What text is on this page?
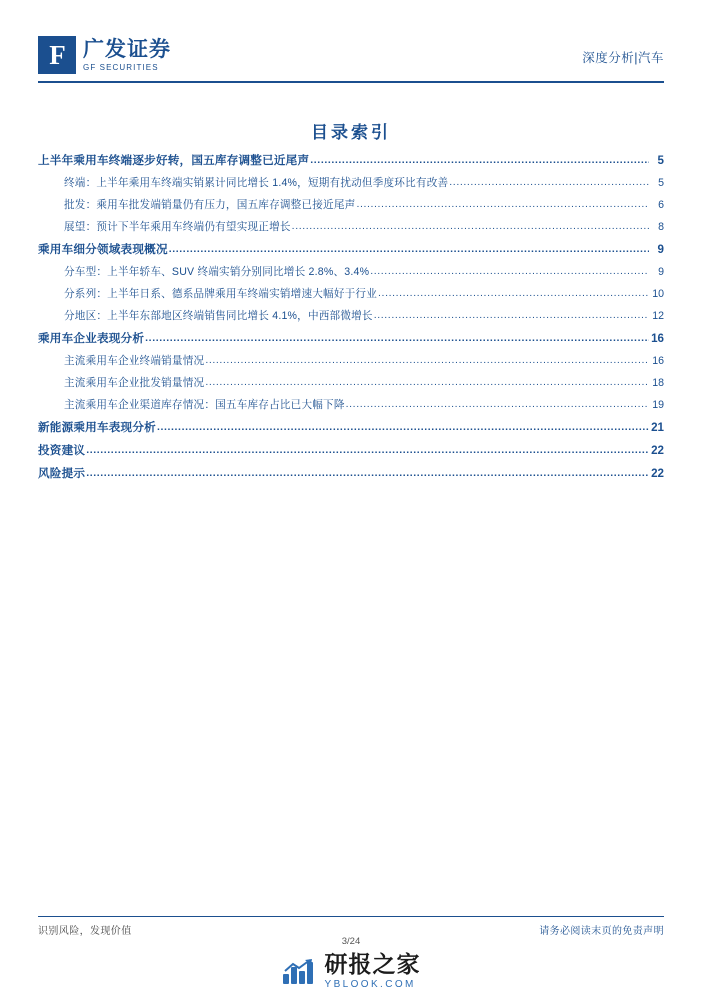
F 广发证券
GF SECURITIES
深度分析|汽车
目录索引
上半年乘用车终端逐步好转，国五库存调整已近尾声 .....	5
终端：上半年乘用车终端实销累计同比增长 1.4%，短期有扰动但季度环比有改善 .....	5
批发：乘用车批发端销量仍有压力，国五库存调整已接近尾声 .....	6
展望：预计下半年乘用车终端仍有望实现正增长 .....	8
乘用车细分领域表现概况 .....	9
分车型：上半年轿车、SUV 终端实销分别同比增长 2.8%、3.4% .....	9
分系列：上半年日系、德系品牌乘用车终端实销增速大幅好于行业 .....	10
分地区：上半年东部地区终端销售同比增长 4.1%，中西部微增长 .....	12
乘用车企业表现分析 .....	16
主流乘用车企业终端销量情况 .....	16
主流乘用车企业批发销量情况 .....	18
主流乘用车企业渠道库存情况：国五车库存占比已大幅下降 .....	19
新能源乘用车表现分析 .....	21
投资建议 .....	22
风险提示 .....	22
识别风险，发现价值	请务必阅读末页的免责声明
3/24
研报之家
YBLOOK.COM
